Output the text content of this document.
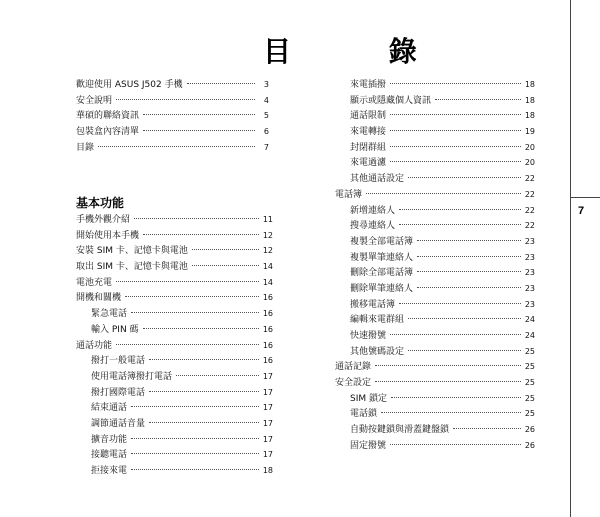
目 錄
7
歡迎使用 ASUS J502 手機	3
安全說明	4
華碩的聯絡資訊	5
包裝盒內容清單	6
目錄	7
基本功能
手機外觀介紹	11
開始使用本手機	12
安裝 SIM 卡、記憶卡與電池	12
取出 SIM 卡、記憶卡與電池	14
電池充電	14
開機和關機	16
緊急電話	16
輸入 PIN 碼	16
通話功能	16
撥打一般電話	16
使用電話簿撥打電話	17
撥打國際電話	17
結束通話	17
調節通話音量	17
擴音功能	17
接聽電話	17
拒接來電	18
來電插撥	18
顯示或隱藏個人資訊	18
通話限制	18
來電轉接	19
封閉群組	20
來電過濾	20
其他通話設定	22
電話簿	22
新增連絡人	22
搜尋連絡人	22
複製全部電話簿	23
複製單筆連絡人	23
刪除全部電話簿	23
刪除單筆連絡人	23
搬移電話簿	23
編輯來電群組	24
快速撥號	24
其他號碼設定	25
通話記錄	25
安全設定	25
SIM 鎖定	25
電話鎖	25
自動按鍵鎖與滑蓋鍵盤鎖	26
固定撥號	26
